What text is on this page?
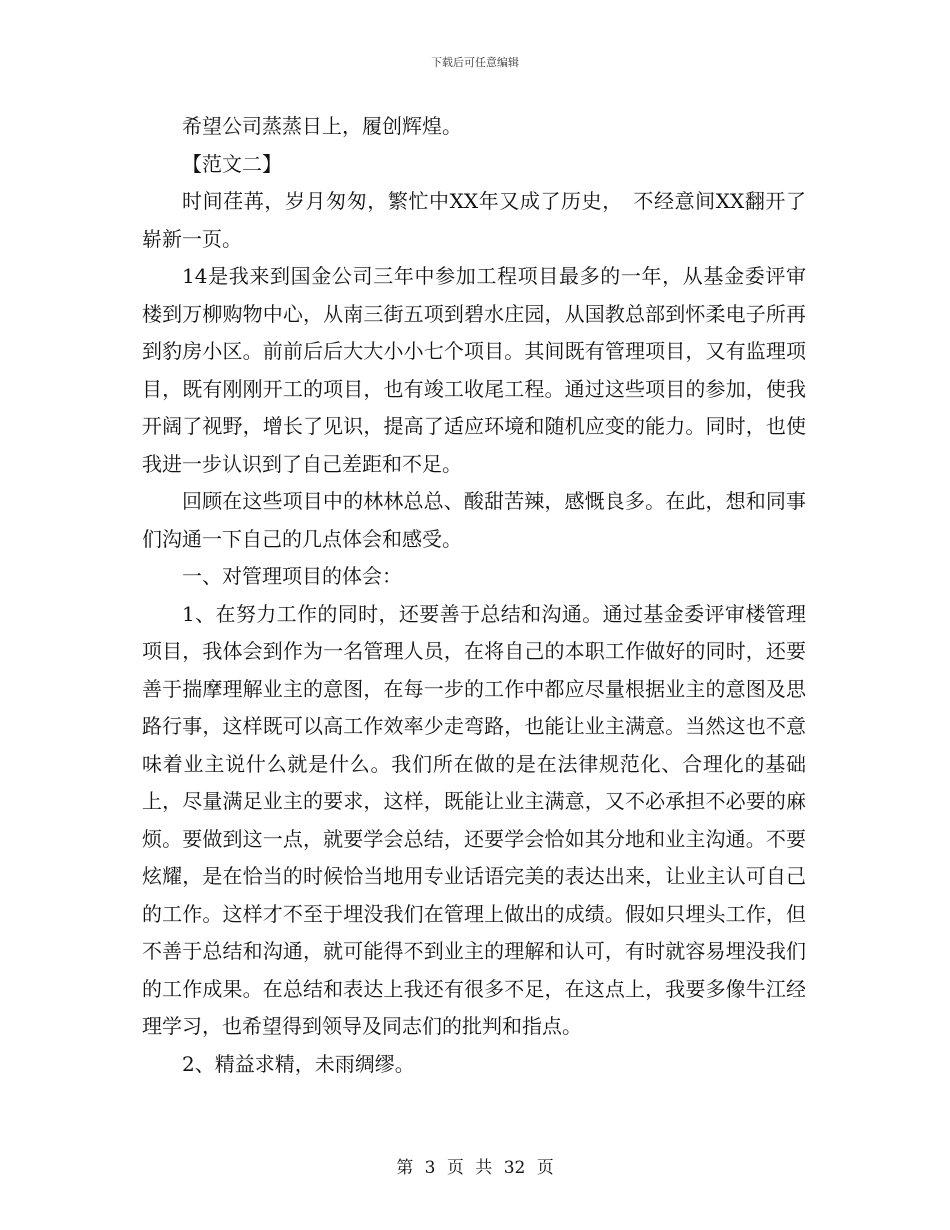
下载后可任意编辑

希望公司蒸蒸日上，履创辉煌。

【范文二】

时间荏苒，岁月匆匆，繁忙中XX年又成了历史，　不经意间XX翻开了崭新一页。

14是我来到国金公司三年中参加工程项目最多的一年，从基金委评审楼到万柳购物中心，从南三街五项到碧水庄园，从国教总部到怀柔电子所再到豹房小区。前前后后大大小小七个项目。其间既有管理项目，又有监理项目，既有刚刚开工的项目，也有竣工收尾工程。通过这些项目的参加，使我开阔了视野，增长了见识，提高了适应环境和随机应变的能力。同时，也使我进一步认识到了自己差距和不足。

回顾在这些项目中的林林总总、酸甜苦辣，感慨良多。在此，想和同事们沟通一下自己的几点体会和感受。

一、对管理项目的体会：

1、在努力工作的同时，还要善于总结和沟通。通过基金委评审楼管理项目，我体会到作为一名管理人员，在将自己的本职工作做好的同时，还要善于揣摩理解业主的意图，在每一步的工作中都应尽量根据业主的意图及思路行事，这样既可以高工作效率少走弯路，也能让业主满意。当然这也不意味着业主说什么就是什么。我们所在做的是在法律规范化、合理化的基础上，尽量满足业主的要求，这样，既能让业主满意，又不必承担不必要的麻烦。要做到这一点，就要学会总结，还要学会恰如其分地和业主沟通。不要炫耀，是在恰当的时候恰当地用专业话语完美的表达出来，让业主认可自己的工作。这样才不至于埋没我们在管理上做出的成绩。假如只埋头工作，但不善于总结和沟通，就可能得不到业主的理解和认可，有时就容易埋没我们的工作成果。在总结和表达上我还有很多不足，在这点上，我要多像牛江经理学习，也希望得到领导及同志们的批判和指点。

2、精益求精，未雨绸缪。

第 3 页 共 32 页
